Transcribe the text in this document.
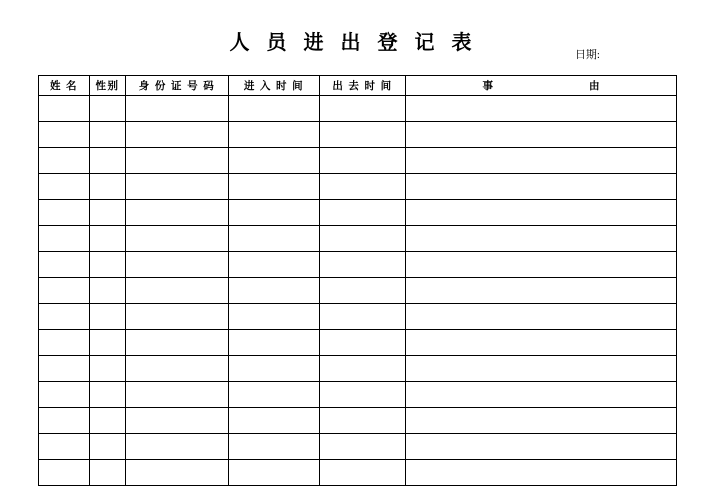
人 员 进 出 登 记 表
日期:
姓 名	性别	身 份 证 号 码	进 入 时 间	出 去 时 间	事 由
